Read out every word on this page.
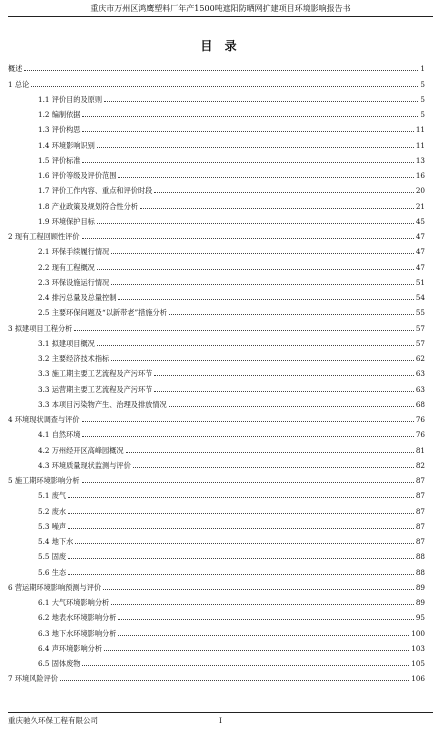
重庆市万州区鸿鹰塑料厂年产1500吨遮阳防晒网扩建项目环境影响报告书
目 录
概述	1
1 总论	5
1.1 评价目的及原则	5
1.2 编制依据	5
1.3 评价构思	11
1.4 环境影响识别	11
1.5 评价标准	13
1.6 评价等级及评价范围	16
1.7 评价工作内容、重点和评价时段	20
1.8 产业政策及规划符合性分析	21
1.9 环境保护目标	45
2 现有工程回顾性评价	47
2.1 环保手续履行情况	47
2.2 现有工程概况	47
2.3 环保设施运行情况	51
2.4 排污总量及总量控制	54
2.5 主要环保问题及“以新带老”措施分析	55
3 拟建项目工程分析	57
3.1 拟建项目概况	57
3.2 主要经济技术指标	62
3.3 施工期主要工艺流程及产污环节	63
3.3 运营期主要工艺流程及产污环节	63
3.3 本项目污染物产生、治理及排放情况	68
4 环境现状调查与评价	76
4.1 自然环境	76
4.2 万州经开区高峰园概况	81
4.3 环境质量现状监测与评价	82
5 施工期环境影响分析	87
5.1 废气	87
5.2 废水	87
5.3 噪声	87
5.4 地下水	87
5.5 固废	88
5.6 生态	88
6 营运期环境影响预测与评价	89
6.1 大气环境影响分析	89
6.2 地表水环境影响分析	95
6.3 地下水环境影响分析	100
6.4 声环境影响分析	103
6.5 固体废物	105
7 环境风险评价	106
重庆驰久环保工程有限公司	I
